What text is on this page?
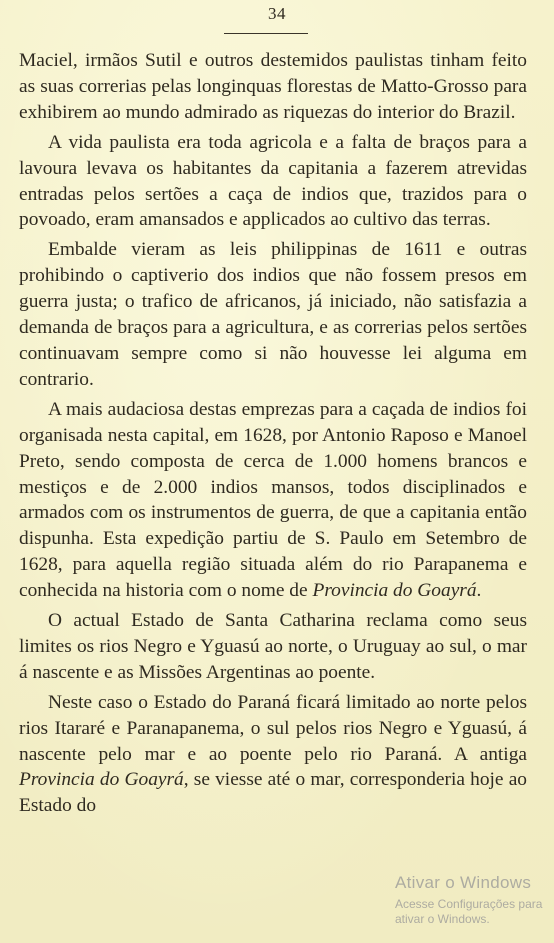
34

Maciel, irmãos Sutil e outros destemidos paulistas tinham feito as suas correrias pelas longinquas florestas de Matto-Grosso para exhibirem ao mundo admirado as riquezas do interior do Brazil.

A vida paulista era toda agricola e a falta de braços para a lavoura levava os habitantes da capitania a fazerem atrevidas entradas pelos sertões a caça de indios que, trazidos para o povoado, eram amansados e applicados ao cultivo das terras.

Embalde vieram as leis philippinas de 1611 e outras prohibindo o captiverio dos indios que não fossem presos em guerra justa; o trafico de africanos, já iniciado, não satisfazia a demanda de braços para a agricultura, e as correrias pelos sertões continuavam sempre como si não houvesse lei alguma em contrario.

A mais audaciosa destas emprezas para a caçada de indios foi organisada nesta capital, em 1628, por Antonio Raposo e Manoel Preto, sendo composta de cerca de 1.000 homens brancos e mestiços e de 2.000 indios mansos, todos disciplinados e armados com os instrumentos de guerra, de que a capitania então dispunha. Esta expedição partiu de S. Paulo em Setembro de 1628, para aquella região situada além do rio Parapanema e conhecida na historia com o nome de Provincia do Goayrá.

O actual Estado de Santa Catharina reclama como seus limites os rios Negro e Yguasú ao norte, o Uruguay ao sul, o mar á nascente e as Missões Argentinas ao poente.

Neste caso o Estado do Paraná ficará limitado ao norte pelos rios Itararé e Paranapanema, o sul pelos rios Negro e Yguasú, á nascente pelo mar e ao poente pelo rio Paraná. A antiga Provincia do Goayrá, se viesse até o mar, corresponderia hoje ao Estado do

Ativar o Windows
Acesse Configurações para ativar o Windows.
